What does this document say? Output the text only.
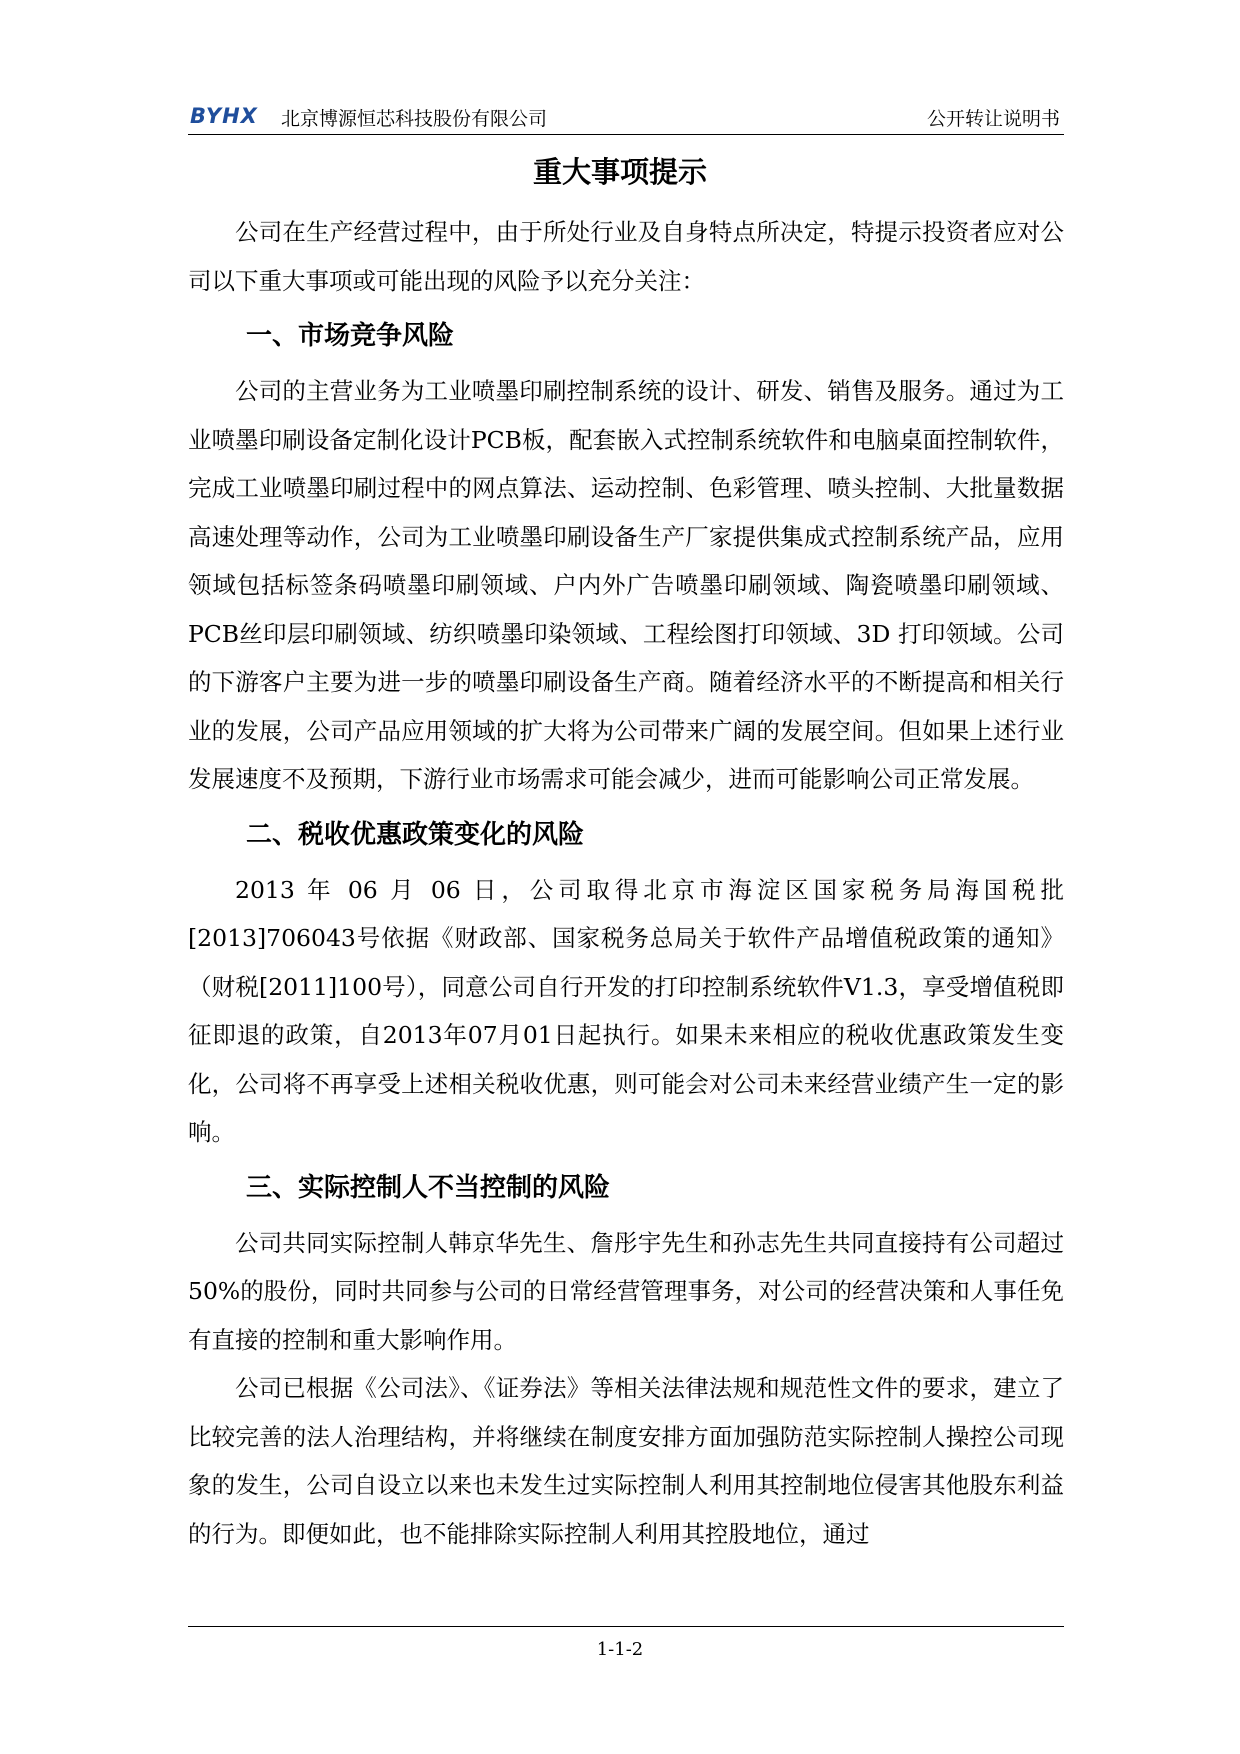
BYHX 北京博源恒芯科技股份有限公司	公开转让说明书
重大事项提示

公司在生产经营过程中，由于所处行业及自身特点所决定，特提示投资者应对公司以下重大事项或可能出现的风险予以充分关注：

一、市场竞争风险

公司的主营业务为工业喷墨印刷控制系统的设计、研发、销售及服务。通过为工业喷墨印刷设备定制化设计PCB板，配套嵌入式控制系统软件和电脑桌面控制软件，完成工业喷墨印刷过程中的网点算法、运动控制、色彩管理、喷头控制、大批量数据高速处理等动作，公司为工业喷墨印刷设备生产厂家提供集成式控制系统产品，应用领域包括标签条码喷墨印刷领域、户内外广告喷墨印刷领域、陶瓷喷墨印刷领域、PCB丝印层印刷领域、纺织喷墨印染领域、工程绘图打印领域、3D 打印领域。公司的下游客户主要为进一步的喷墨印刷设备生产商。随着经济水平的不断提高和相关行业的发展，公司产品应用领域的扩大将为公司带来广阔的发展空间。但如果上述行业发展速度不及预期，下游行业市场需求可能会减少，进而可能影响公司正常发展。

二、税收优惠政策变化的风险

2013 年 06 月 06 日，公司取得北京市海淀区国家税务局海国税批[2013]706043号依据《财政部、国家税务总局关于软件产品增值税政策的通知》（财税[2011]100号），同意公司自行开发的打印控制系统软件V1.3，享受增值税即征即退的政策，自2013年07月01日起执行。如果未来相应的税收优惠政策发生变化，公司将不再享受上述相关税收优惠，则可能会对公司未来经营业绩产生一定的影响。

三、实际控制人不当控制的风险

公司共同实际控制人韩京华先生、詹彤宇先生和孙志先生共同直接持有公司超过50%的股份，同时共同参与公司的日常经营管理事务，对公司的经营决策和人事任免有直接的控制和重大影响作用。

公司已根据《公司法》、《证券法》等相关法律法规和规范性文件的要求，建立了比较完善的法人治理结构，并将继续在制度安排方面加强防范实际控制人操控公司现象的发生，公司自设立以来也未发生过实际控制人利用其控制地位侵害其他股东利益的行为。即便如此，也不能排除实际控制人利用其控股地位，通过

1-1-2
